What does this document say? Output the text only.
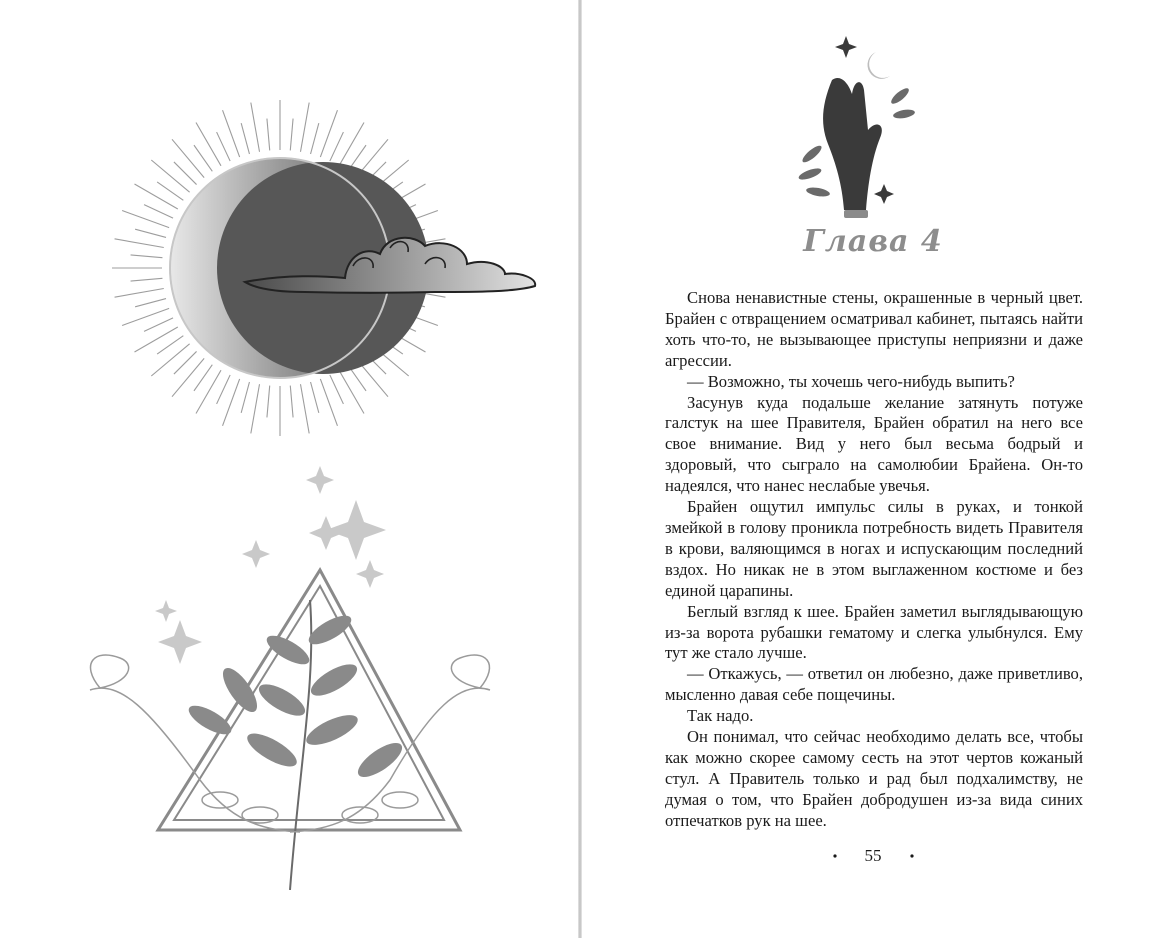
Глава 4

Снова ненавистные стены, окрашенные в черный цвет. Брайен с отвращением осматривал кабинет, пытаясь найти хоть что-то, не вызывающее приступы неприязни и даже агрессии.

— Возможно, ты хочешь чего-нибудь выпить?

Засунув куда подальше желание затянуть потуже галстук на шее Правителя, Брайен обратил на него все свое внимание. Вид у него был весьма бодрый и здоровый, что сыграло на самолюбии Брайена. Он-то надеялся, что нанес неслабые увечья.

Брайен ощутил импульс силы в руках, и тонкой змейкой в голову проникла потребность видеть Правителя в крови, валяющимся в ногах и испускающим последний вздох. Но никак не в этом выглаженном костюме и без единой царапины.

Беглый взгляд к шее. Брайен заметил выглядывающую из-за ворота рубашки гематому и слегка улыбнулся. Ему тут же стало лучше.

— Откажусь, — ответил он любезно, даже приветливо, мысленно давая себе пощечины.

Так надо.

Он понимал, что сейчас необходимо делать все, чтобы как можно скорее самому сесть на этот чертов кожаный стул. А Правитель только и рад был подхалимству, не думая о том, что Брайен добродушен из-за вида синих отпечатков рук на шее.

55
